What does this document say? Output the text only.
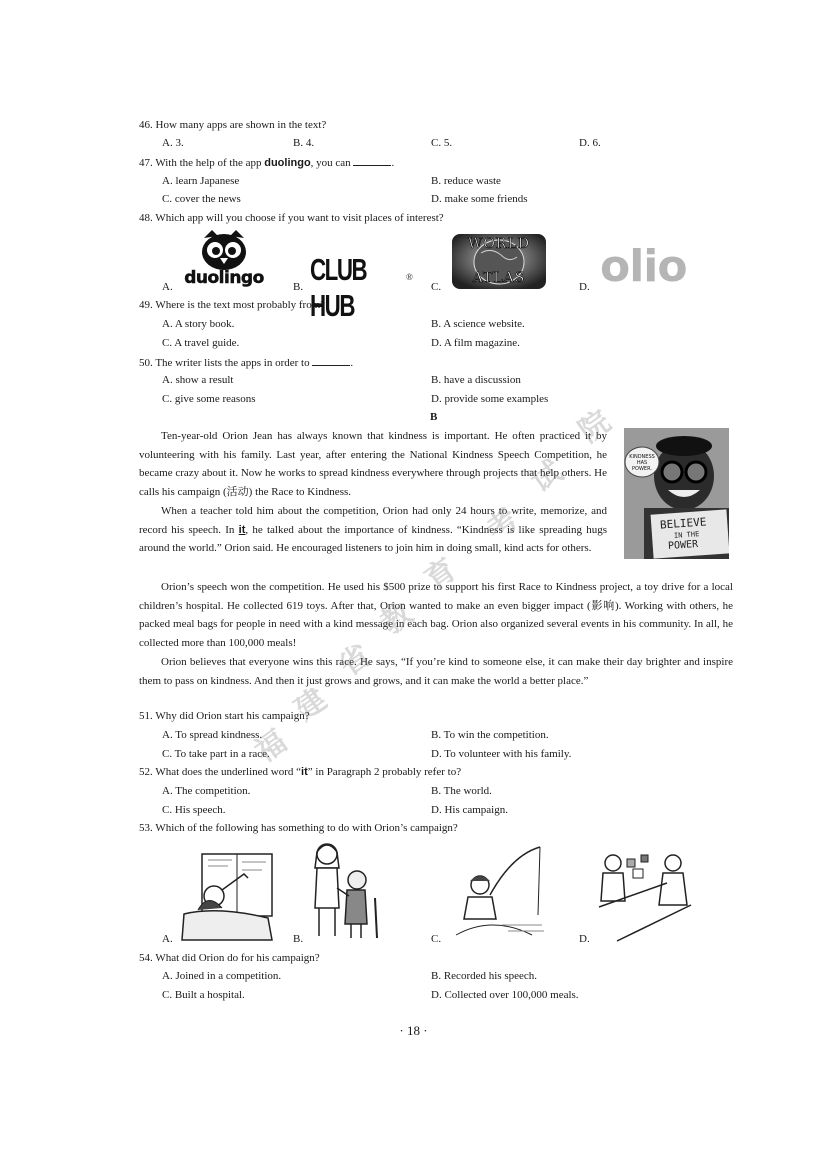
46. How many apps are shown in the text?
A. 3.	B. 4.	C. 5.	D. 6.
47. With the help of the app duolingo, you can	.
A. learn Japanese	B. reduce waste
C. cover the news	D. make some friends
48. Which app will you choose if you want to visit places of interest?
A.	B.	C.	D.
duolingo CLUB HUB
®
WORLD
ATLAS	olio
49. Where is the text most probably from?
A. A story book.	B. A science website.
C. A travel guide.	D. A film magazine.
50. The writer lists the apps in order to	.
A. show a result	B. have a discussion
C. give some reasons	D. provide some examples
B

Ten-year-old Orion Jean has always known that kindness is important. He often practiced it by volunteering with his family. Last year, after entering the National Kindness Speech Competition, he became crazy about it. Now he works to spread kindness everywhere through projects that help others. He calls his campaign (活动) the Race to Kindness.

When a teacher told him about the competition, Orion had only 24 hours to write, memorize, and record his speech. In it, he talked about the importance of kindness. “Kindness is like spreading hugs around the world.” Orion said. He encouraged listeners to join him in doing small, kind acts for others.

KINDNESS HAS POWER.
BELIEVE
IN THE
POWER

Orion’s speech won the competition. He used his $500 prize to support his first Race to Kindness project, a toy drive for a local children’s hospital. He collected 619 toys. After that, Orion wanted to make an even bigger impact (影响). Working with others, he packed meal bags for people in need with a kind message in each bag. Orion also organized several events in his community. In all, he collected more than 100,000 meals!

Orion believes that everyone wins this race. He says, “If you’re kind to someone else, it can make their day brighter and inspire them to pass on kindness. And then it just grows and grows, and it can make the world a better place.”

51. Why did Orion start his campaign?
A. To spread kindness.	B. To win the competition.
C. To take part in a race.	D. To volunteer with his family.
52. What does the underlined word “it” in Paragraph 2 probably refer to?
A. The competition.	B. The world.
C. His speech.	D. His campaign.
53. Which of the following has something to do with Orion’s campaign?
A.	B.	C.	D.
54. What did Orion do for his campaign?
A. Joined in a competition.	B. Recorded his speech.
C. Built a hospital.	D. Collected over 100,000 meals.
· 18 ·
福
建
省
教
育
考
试
院
